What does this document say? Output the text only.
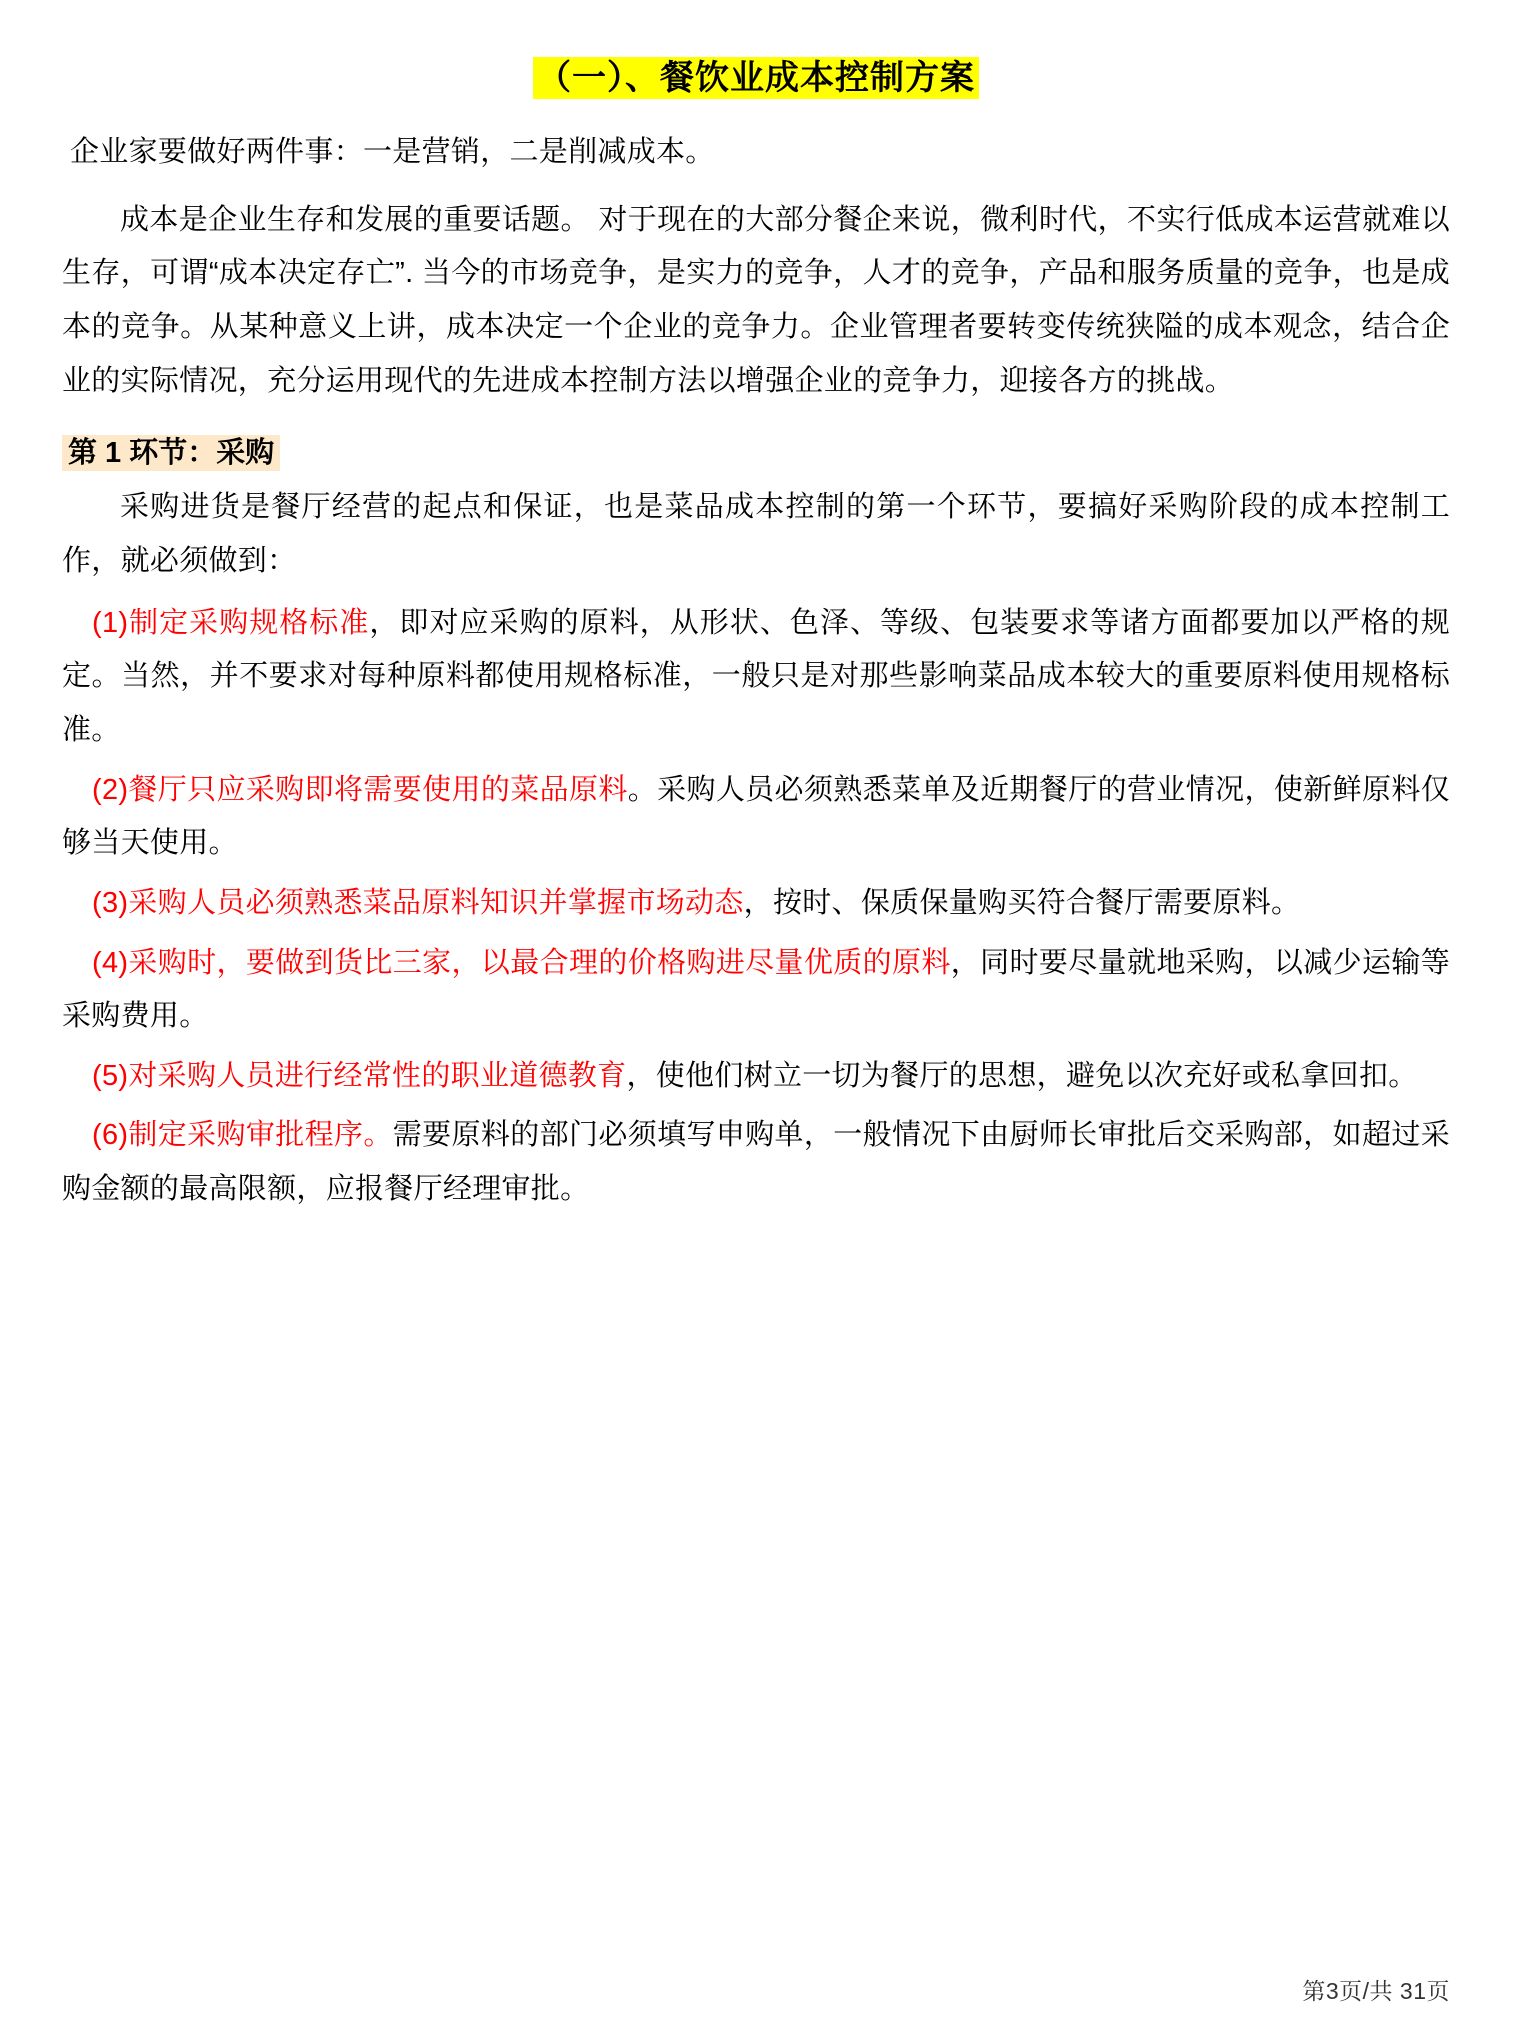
（一）、餐饮业成本控制方案

企业家要做好两件事：一是营销，二是削减成本。

成本是企业生存和发展的重要话题。 对于现在的大部分餐企来说，微利时代，不实行低成本运营就难以生存，可谓“成本决定存亡”. 当今的市场竞争，是实力的竞争，人才的竞争，产品和服务质量的竞争，也是成本的竞争。从某种意义上讲，成本决定一个企业的竞争力。企业管理者要转变传统狭隘的成本观念，结合企业的实际情况，充分运用现代的先进成本控制方法以增强企业的竞争力，迎接各方的挑战。

第 1 环节：采购

采购进货是餐厅经营的起点和保证，也是菜品成本控制的第一个环节，要搞好采购阶段的成本控制工作，就必须做到：

(1)制定采购规格标准，即对应采购的原料，从形状、色泽、等级、包装要求等诸方面都要加以严格的规定。当然，并不要求对每种原料都使用规格标准，一般只是对那些影响菜品成本较大的重要原料使用规格标准。

(2)餐厅只应采购即将需要使用的菜品原料。采购人员必须熟悉菜单及近期餐厅的营业情况，使新鲜原料仅够当天使用。

(3)采购人员必须熟悉菜品原料知识并掌握市场动态，按时、保质保量购买符合餐厅需要原料。

(4)采购时，要做到货比三家，以最合理的价格购进尽量优质的原料，同时要尽量就地采购，以减少运输等采购费用。

(5)对采购人员进行经常性的职业道德教育，使他们树立一切为餐厅的思想，避免以次充好或私拿回扣。

(6)制定采购审批程序。需要原料的部门必须填写申购单，一般情况下由厨师长审批后交采购部，如超过采购金额的最高限额，应报餐厅经理审批。

第3页/共 31页
